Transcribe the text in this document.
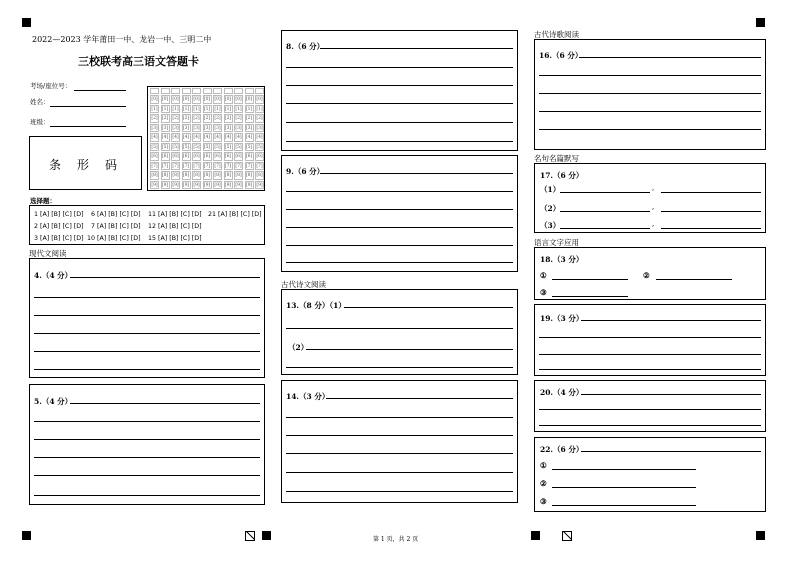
2022—2023 学年莆田一中、龙岩一中、三明二中
三校联考高三语文答题卡
考场/座位号：
姓名：
班级：
条　形　码
[0] [0] [0] [0] [0] [0] [0] [0] [0] [0] [0]
[1] [1] [1] [1] [1] [1] [1] [1] [1] [1] [1]
[2] [2] [2] [2] [2] [2] [2] [2] [2] [2] [2]
[3] [3] [3] [3] [3] [3] [3] [3] [3] [3] [3]
[4] [4] [4] [4] [4] [4] [4] [4] [4] [4] [4]
[5] [5] [5] [5] [5] [5] [5] [5] [5] [5] [5]
[6] [6] [6] [6] [6] [6] [6] [6] [6] [6] [6]
[7] [7] [7] [7] [7] [7] [7] [7] [7] [7] [7]
[8] [8] [8] [8] [8] [8] [8] [8] [8] [8] [8]
[9] [9] [9] [9] [9] [9] [9] [9] [9] [9] [9]
选择题：
1 [A] [B] [C] [D] 6 [A] [B] [C] [D] 11 [A] [B] [C] [D] 21 [A] [B] [C] [D]
2 [A] [B] [C] [D] 7 [A] [B] [C] [D] 12 [A] [B] [C] [D]
3 [A] [B] [C] [D] 10 [A] [B] [C] [D] 15 [A] [B] [C] [D]
现代文阅读
4.（4 分）
5.（4 分）
8.（6 分）
9.（6 分）
古代诗文阅读
13.（8 分）（1）
（2）
14.（3 分）
古代诗歌阅读
16.（6 分）
名句名篇默写
17.（6 分）
（1）	,
（2）	,
（3）	,
语言文字应用
18.（3 分）
①	②
③
19.（3 分）
20.（4 分）
22.（6 分）
①
②
③
第 1 页，共 2 页
